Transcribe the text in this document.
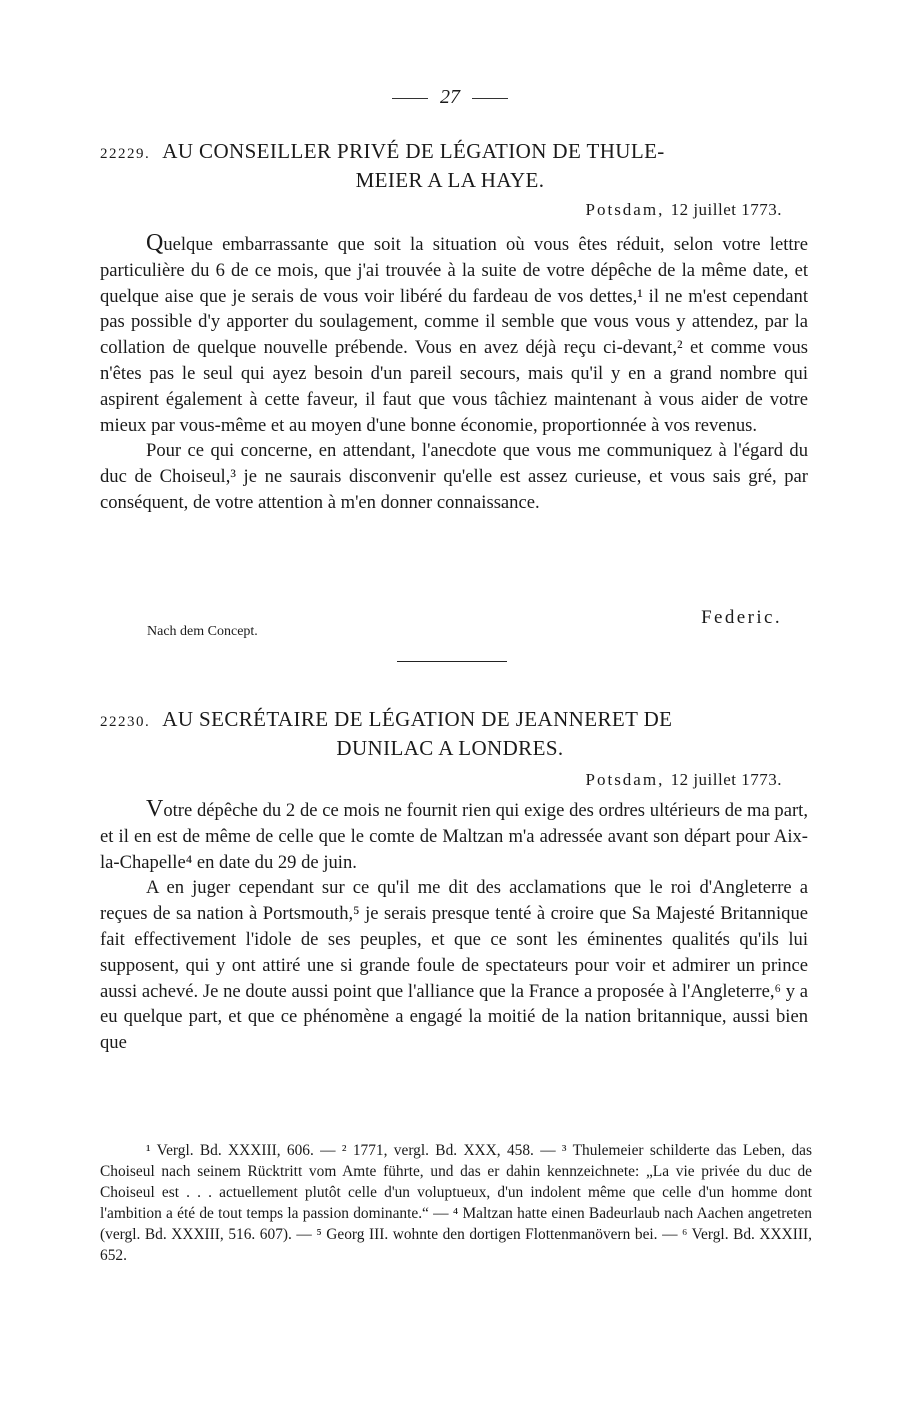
27
22229. AU CONSEILLER PRIVÉ DE LÉGATION DE THULE-
MEIER A LA HAYE.
Potsdam, 12 juillet 1773.

Quelque embarrassante que soit la situation où vous êtes réduit, selon votre lettre particulière du 6 de ce mois, que j'ai trouvée à la suite de votre dépêche de la même date, et quelque aise que je serais de vous voir libéré du fardeau de vos dettes,¹ il ne m'est cependant pas possible d'y apporter du soulagement, comme il semble que vous vous y attendez, par la collation de quelque nouvelle prébende. Vous en avez déjà reçu ci-devant,² et comme vous n'êtes pas le seul qui ayez besoin d'un pareil secours, mais qu'il y en a grand nombre qui aspirent également à cette faveur, il faut que vous tâchiez maintenant à vous aider de votre mieux par vous-même et au moyen d'une bonne économie, proportionnée à vos revenus.

Pour ce qui concerne, en attendant, l'anecdote que vous me communiquez à l'égard du duc de Choiseul,³ je ne saurais disconvenir qu'elle est assez curieuse, et vous sais gré, par conséquent, de votre attention à m'en donner connaissance.

Federic.
Nach dem Concept.
22230. AU SECRÉTAIRE DE LÉGATION DE JEANNERET DE
DUNILAC A LONDRES.
Potsdam, 12 juillet 1773.

Votre dépêche du 2 de ce mois ne fournit rien qui exige des ordres ultérieurs de ma part, et il en est de même de celle que le comte de Maltzan m'a adressée avant son départ pour Aix-la-Chapelle⁴ en date du 29 de juin.

A en juger cependant sur ce qu'il me dit des acclamations que le roi d'Angleterre a reçues de sa nation à Portsmouth,⁵ je serais presque tenté à croire que Sa Majesté Britannique fait effectivement l'idole de ses peuples, et que ce sont les éminentes qualités qu'ils lui supposent, qui y ont attiré une si grande foule de spectateurs pour voir et admirer un prince aussi achevé. Je ne doute aussi point que l'alliance que la France a proposée à l'Angleterre,⁶ y a eu quelque part, et que ce phénomène a engagé la moitié de la nation britannique, aussi bien que

¹ Vergl. Bd. XXXIII, 606. — ² 1771, vergl. Bd. XXX, 458. — ³ Thulemeier schilderte das Leben, das Choiseul nach seinem Rücktritt vom Amte führte, und das er dahin kennzeichnete: „La vie privée du duc de Choiseul est . . . actuellement plutôt celle d'un voluptueux, d'un indolent même que celle d'un homme dont l'ambition a été de tout temps la passion dominante.“ — ⁴ Maltzan hatte einen Badeurlaub nach Aachen angetreten (vergl. Bd. XXXIII, 516. 607). — ⁵ Georg III. wohnte den dortigen Flottenmanövern bei. — ⁶ Vergl. Bd. XXXIII, 652.
